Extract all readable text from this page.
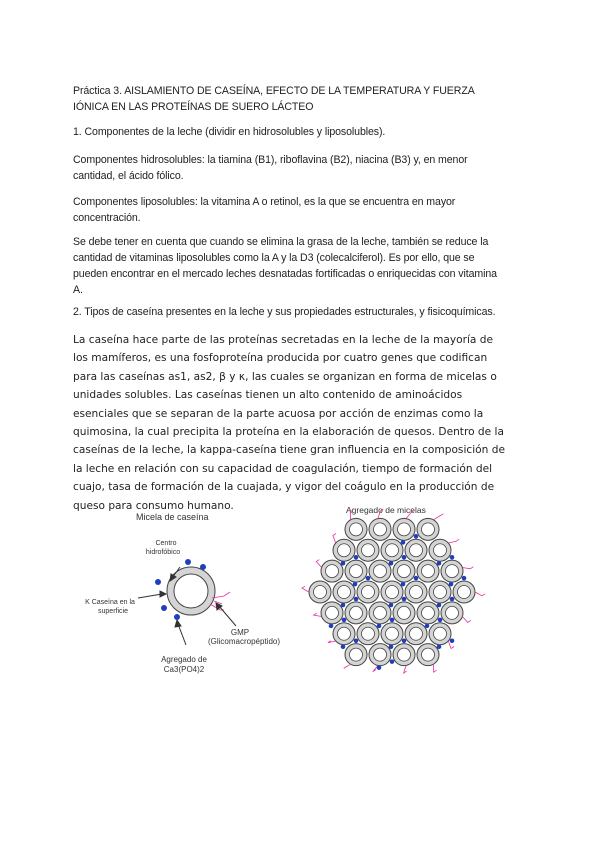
Práctica 3. AISLAMIENTO DE CASEÍNA, EFECTO DE LA TEMPERATURA Y FUERZA
IÓNICA EN LAS PROTEÍNAS DE SUERO LÁCTEO
1. Componentes de la leche (dividir en hidrosolubles y liposolubles).
Componentes hidrosolubles: la tiamina (B1), riboflavina (B2), niacina (B3) y, en menor
cantidad, el ácido fólico.
Componentes liposolubles: la vitamina A o retinol, es la que se encuentra en mayor
concentración.
Se debe tener en cuenta que cuando se elimina la grasa de la leche, también se reduce la
cantidad de vitaminas liposolubles como la A y la D3 (colecalciferol). Es por ello, que se
pueden encontrar en el mercado leches desnatadas fortificadas o enriquecidas con vitamina
A.
2. Tipos de caseína presentes en la leche y sus propiedades estructurales, y fisicoquímicas.
La caseína hace parte de las proteínas secretadas en la leche de la mayoría de
los mamíferos, es una fosfoproteína producida por cuatro genes que codifican
para las caseínas as1, as2, β y κ, las cuales se organizan en forma de micelas o
unidades solubles. Las caseínas tienen un alto contenido de aminoácidos
esenciales que se separan de la parte acuosa por acción de enzimas como la
quimosina, la cual precipita la proteína en la elaboración de quesos. Dentro de la
caseínas de la leche, la kappa-caseína tiene gran influencia en la composición de
la leche en relación con su capacidad de coagulación, tiempo de formación del
cuajo, tasa de formación de la cuajada, y vigor del coágulo en la producción de
queso para consumo humano.
Micela de caseína
Centro
hidrofóbico
K Caseína en la
superficie
GMP
(Glicomacropéptido)
Agregado de
Ca3(PO4)2
Agregado de micelas
